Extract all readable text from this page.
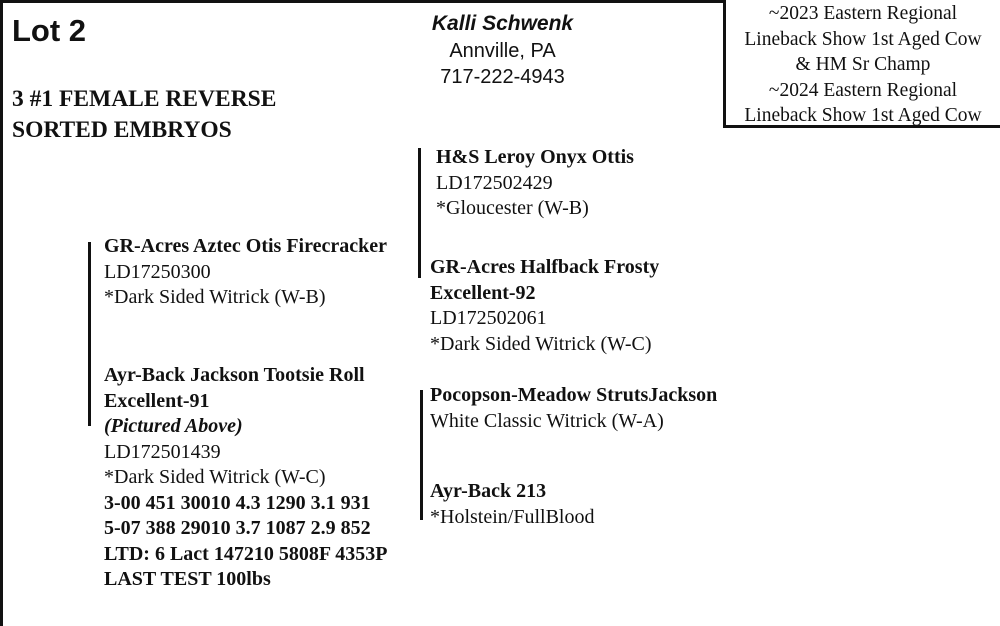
Lot 2	Kalli Schwenk
Annville, PA
717-222-4943
~2023 Eastern Regional
Lineback Show 1st Aged Cow
& HM Sr Champ
~2024 Eastern Regional
Lineback Show 1st Aged Cow
3 #1 FEMALE REVERSE
SORTED EMBRYOS
GR-Acres Aztec Otis Firecracker
LD17250300
*Dark Sided Witrick (W-B)
Ayr-Back Jackson Tootsie Roll
Excellent-91
(Pictured Above)
LD172501439
*Dark Sided Witrick (W-C)
3-00 451 30010 4.3 1290 3.1 931
5-07 388 29010 3.7 1087 2.9 852
LTD: 6 Lact 147210 5808F 4353P
LAST TEST 100lbs
H&S Leroy Onyx Ottis
LD172502429
*Gloucester (W-B)
GR-Acres Halfback Frosty
Excellent-92
LD172502061
*Dark Sided Witrick (W-C)
Pocopson-Meadow StrutsJackson
White Classic Witrick (W-A)
Ayr-Back 213
*Holstein/FullBlood
